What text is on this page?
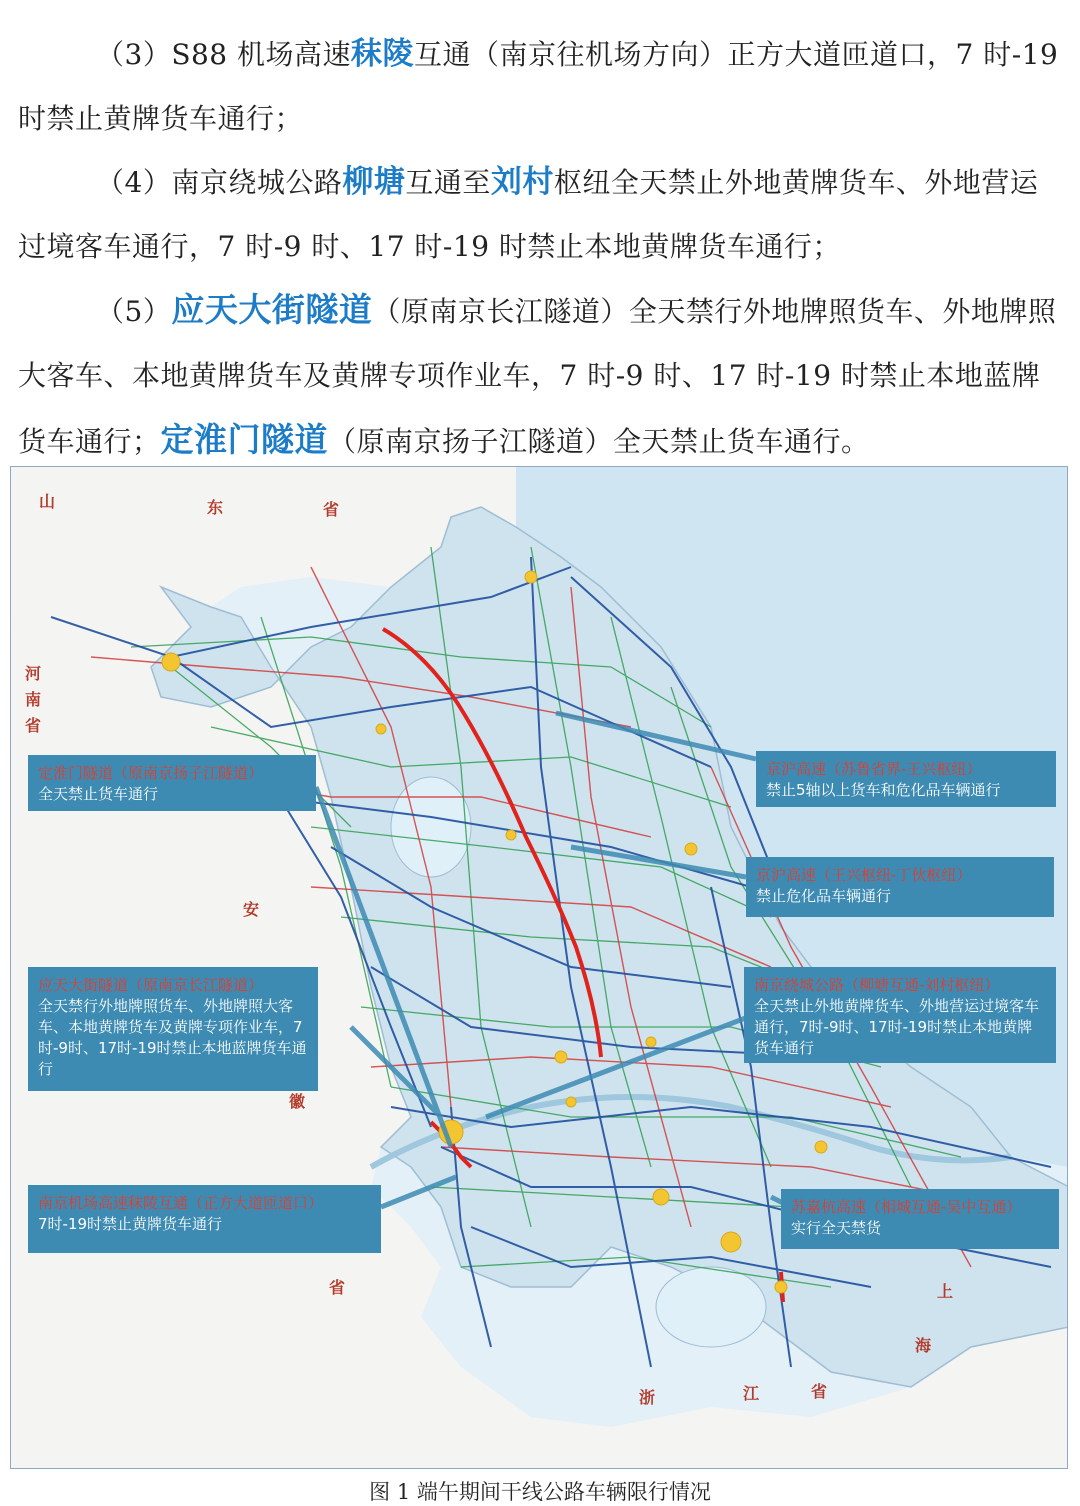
（3）S88 机场高速秣陵互通（南京往机场方向）正方大道匝道口，7 时-19 时禁止黄牌货车通行；

（4）南京绕城公路柳塘互通至刘村枢纽全天禁止外地黄牌货车、外地营运过境客车通行，7 时-9 时、17 时-19 时禁止本地黄牌货车通行；

（5）应天大街隧道（原南京长江隧道）全天禁行外地牌照货车、外地牌照大客车、本地黄牌货车及黄牌专项作业车，7 时-9 时、17 时-19 时禁止本地蓝牌货车通行；定淮门隧道（原南京扬子江隧道）全天禁止货车通行。

山	东	省
河
南
省
安
徽
省	上
海
浙	江	省
定淮门隧道（原南京扬子江隧道）
全天禁止货车通行
京沪高速（苏鲁省界-王兴枢纽）
禁止5轴以上货车和危化品车辆通行
京沪高速（王兴枢纽-丁伙枢纽）
禁止危化品车辆通行
应天大街隧道（原南京长江隧道）
全天禁行外地牌照货车、外地牌照大客车、本地黄牌货车及黄牌专项作业车，7时-9时、17时-19时禁止本地蓝牌货车通行
南京绕城公路（柳塘互通-刘村枢纽）
全天禁止外地黄牌货车、外地营运过境客车通行，7时-9时、17时-19时禁止本地黄牌货车通行
南京机场高速秣陵互通（正方大道匝道口）
7时-19时禁止黄牌货车通行
苏嘉杭高速（相城互通-吴中互通）
实行全天禁货
图 1 端午期间干线公路车辆限行情况
